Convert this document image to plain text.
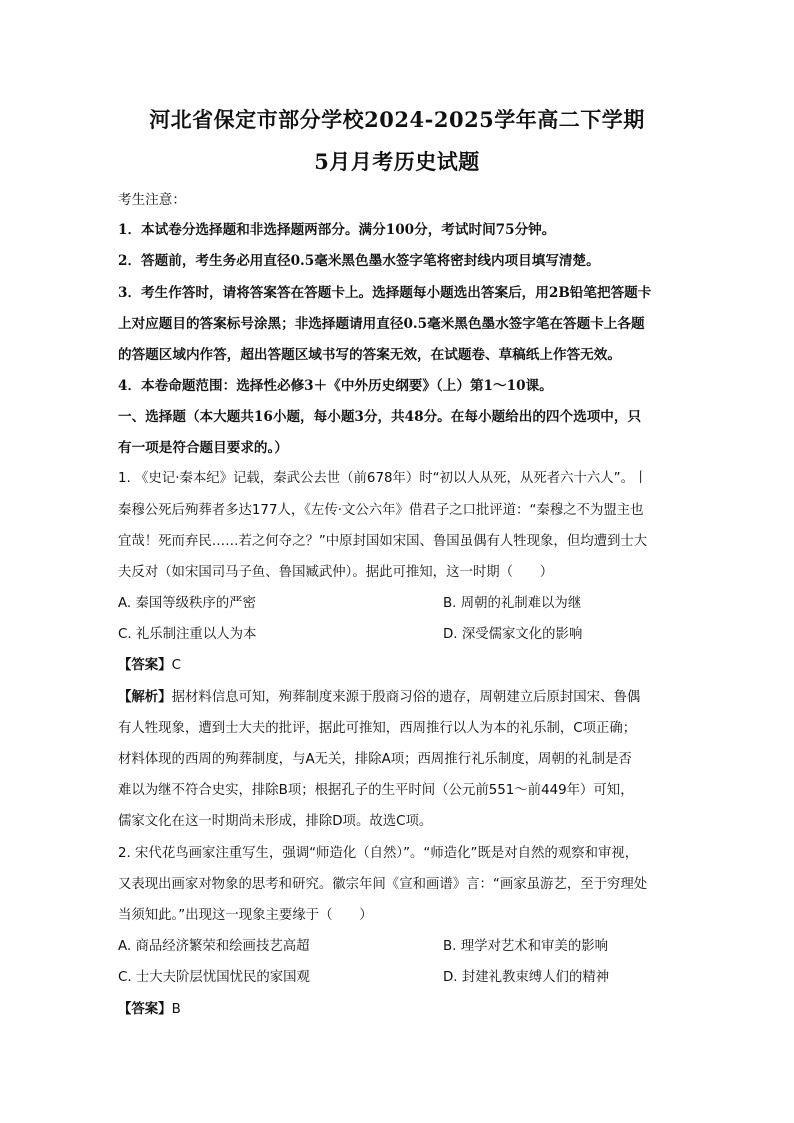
河北省保定市部分学校2024-2025学年高二下学期
5月月考历史试题
考生注意：
1．本试卷分选择题和非选择题两部分。满分100分，考试时间75分钟。
2．答题前，考生务必用直径0.5毫米黑色墨水签字笔将密封线内项目填写清楚。
3．考生作答时，请将答案答在答题卡上。选择题每小题选出答案后，用2B铅笔把答题卡
上对应题目的答案标号涂黑；非选择题请用直径0.5毫米黑色墨水签字笔在答题卡上各题
的答题区域内作答，超出答题区域书写的答案无效，在试题卷、草稿纸上作答无效。
4．本卷命题范围：选择性必修3＋《中外历史纲要》（上）第1～10课。
一、选择题（本大题共16小题，每小题3分，共48分。在每小题给出的四个选项中，只
有一项是符合题目要求的。）
1. 《史记·秦本纪》记载，秦武公去世（前678年）时“初以人从死，从死者六十六人”。丨
秦穆公死后殉葬者多达177人，《左传·文公六年》借君子之口批评道：“秦穆之不为盟主也
宜哉！死而弃民……若之何夺之？”中原封国如宋国、鲁国虽偶有人牲现象，但均遭到士大
夫反对（如宋国司马子鱼、鲁国臧武仲）。据此可推知，这一时期（　　）
A. 秦国等级秩序的严密	B. 周朝的礼制难以为继
C. 礼乐制注重以人为本	D. 深受儒家文化的影响
【答案】C
【解析】据材料信息可知，殉葬制度来源于殷商习俗的遗存，周朝建立后原封国宋、鲁偶
有人牲现象，遭到士大夫的批评，据此可推知，西周推行以人为本的礼乐制，C项正确；
材料体现的西周的殉葬制度，与A无关，排除A项；西周推行礼乐制度，周朝的礼制是否
难以为继不符合史实，排除B项；根据孔子的生平时间（公元前551～前449年）可知，
儒家文化在这一时期尚未形成，排除D项。故选C项。
2. 宋代花鸟画家注重写生，强调“师造化（自然）”。“师造化”既是对自然的观察和审视，
又表现出画家对物象的思考和研究。徽宗年间《宣和画谱》言：“画家虽游艺，至于穷理处
当须知此。”出现这一现象主要缘于（　　）
A. 商品经济繁荣和绘画技艺高超	B. 理学对艺术和审美的影响
C. 士大夫阶层忧国忧民的家国观	D. 封建礼教束缚人们的精神
【答案】B
